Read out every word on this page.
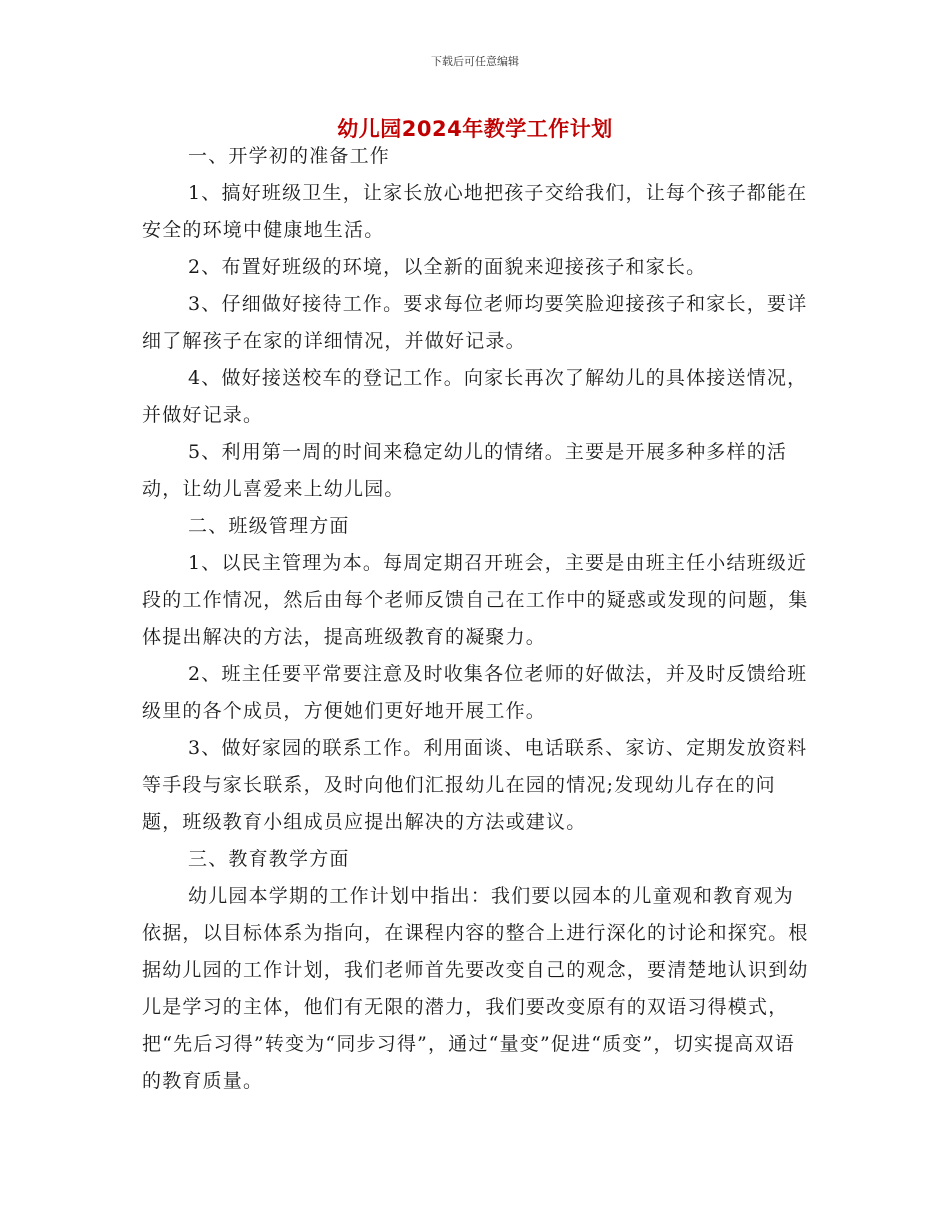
下载后可任意编辑
幼儿园2024年教学工作计划

一、开学初的准备工作

1、搞好班级卫生，让家长放心地把孩子交给我们，让每个孩子都能在安全的环境中健康地生活。

2、布置好班级的环境，以全新的面貌来迎接孩子和家长。

3、仔细做好接待工作。要求每位老师均要笑脸迎接孩子和家长，要详细了解孩子在家的详细情况，并做好记录。

4、做好接送校车的登记工作。向家长再次了解幼儿的具体接送情况，并做好记录。

5、利用第一周的时间来稳定幼儿的情绪。主要是开展多种多样的活动，让幼儿喜爱来上幼儿园。

二、班级管理方面

1、以民主管理为本。每周定期召开班会，主要是由班主任小结班级近段的工作情况，然后由每个老师反馈自己在工作中的疑惑或发现的问题，集体提出解决的方法，提高班级教育的凝聚力。

2、班主任要平常要注意及时收集各位老师的好做法，并及时反馈给班级里的各个成员，方便她们更好地开展工作。

3、做好家园的联系工作。利用面谈、电话联系、家访、定期发放资料等手段与家长联系，及时向他们汇报幼儿在园的情况;发现幼儿存在的问题，班级教育小组成员应提出解决的方法或建议。

三、教育教学方面

幼儿园本学期的工作计划中指出：我们要以园本的儿童观和教育观为依据，以目标体系为指向，在课程内容的整合上进行深化的讨论和探究。根据幼儿园的工作计划，我们老师首先要改变自己的观念，要清楚地认识到幼儿是学习的主体，他们有无限的潜力，我们要改变原有的双语习得模式，把“先后习得”转变为“同步习得”，通过“量变”促进“质变”，切实提高双语的教育质量。
